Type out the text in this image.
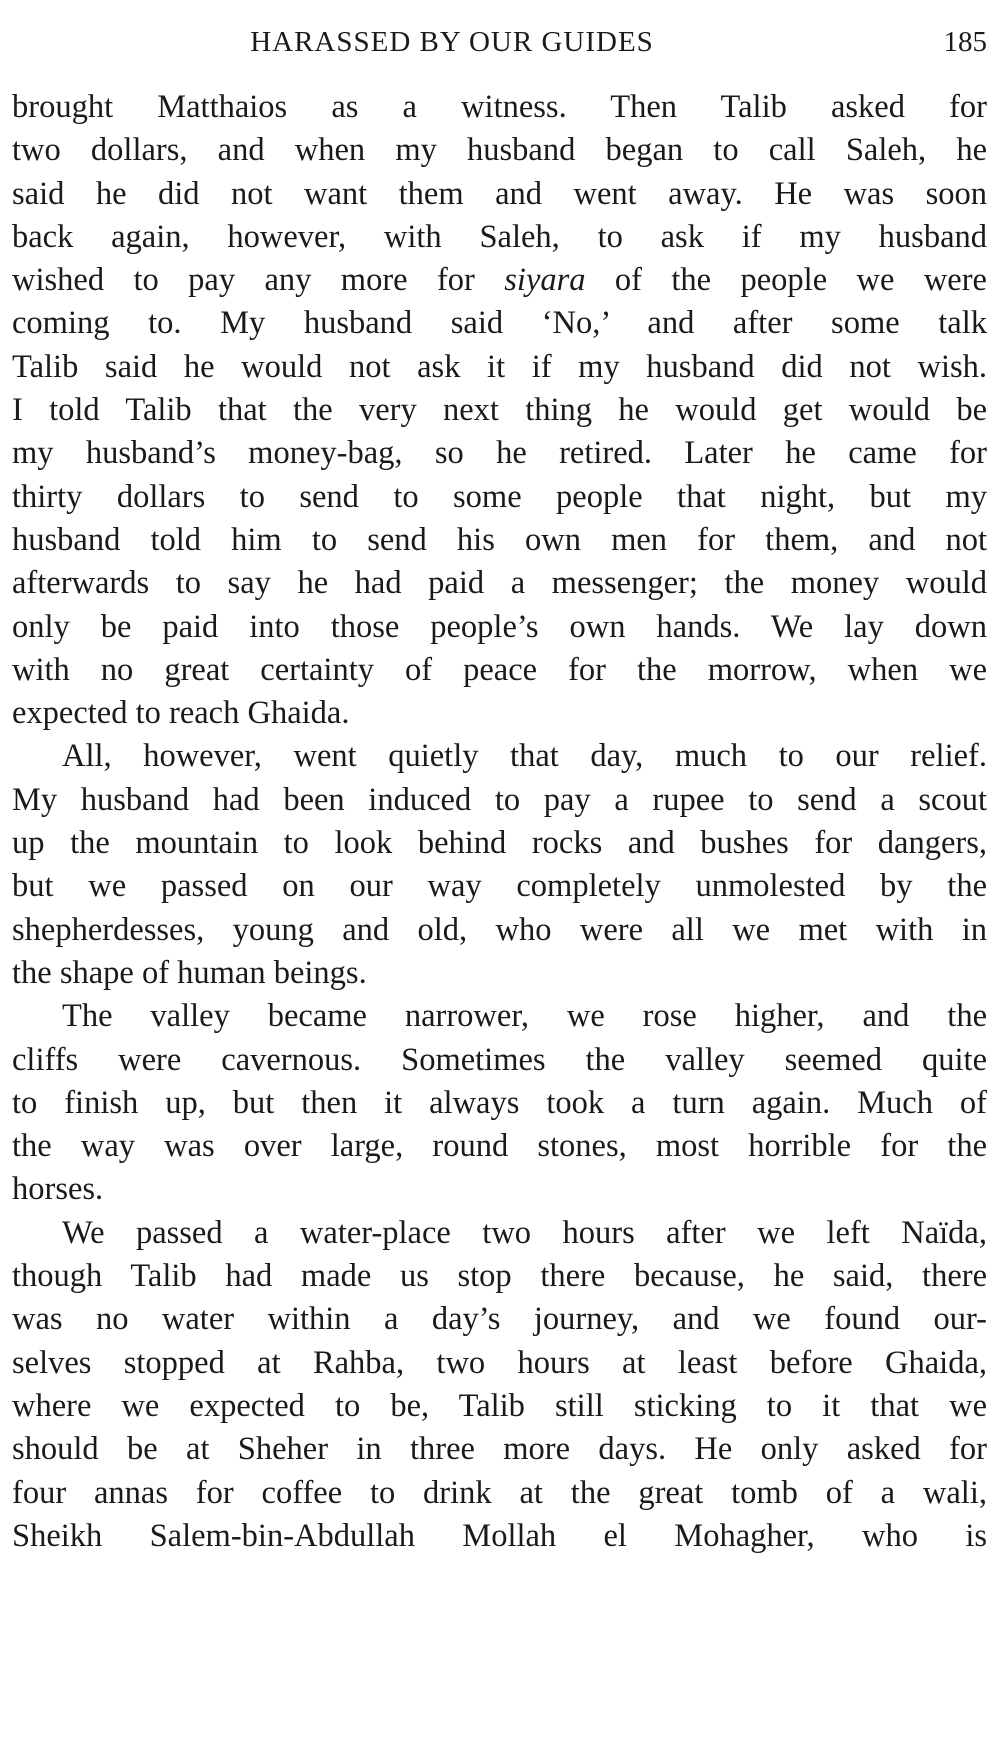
HARASSED BY OUR GUIDES	185
brought Matthaios as a witness. Then Talib asked for
two dollars, and when my husband began to call Saleh, he
said he did not want them and went away. He was soon
back again, however, with Saleh, to ask if my husband
wished to pay any more for siyara of the people we were
coming to. My husband said ‘No,’ and after some talk
Talib said he would not ask it if my husband did not wish.
I told Talib that the very next thing he would get would be
my husband’s money-bag, so he retired. Later he came for
thirty dollars to send to some people that night, but my
husband told him to send his own men for them, and not
afterwards to say he had paid a messenger; the money would
only be paid into those people’s own hands. We lay down
with no great certainty of peace for the morrow, when we
expected to reach Ghaida.
All, however, went quietly that day, much to our relief.
My husband had been induced to pay a rupee to send a scout
up the mountain to look behind rocks and bushes for dangers,
but we passed on our way completely unmolested by the
shepherdesses, young and old, who were all we met with in
the shape of human beings.
The valley became narrower, we rose higher, and the
cliffs were cavernous. Sometimes the valley seemed quite
to finish up, but then it always took a turn again. Much of
the way was over large, round stones, most horrible for the
horses.
We passed a water-place two hours after we left Naïda,
though Talib had made us stop there because, he said, there
was no water within a day’s journey, and we found our-
selves stopped at Rahba, two hours at least before Ghaida,
where we expected to be, Talib still sticking to it that we
should be at Sheher in three more days. He only asked for
four annas for coffee to drink at the great tomb of a wali,
Sheikh Salem-bin-Abdullah Mollah el Mohagher, who is
